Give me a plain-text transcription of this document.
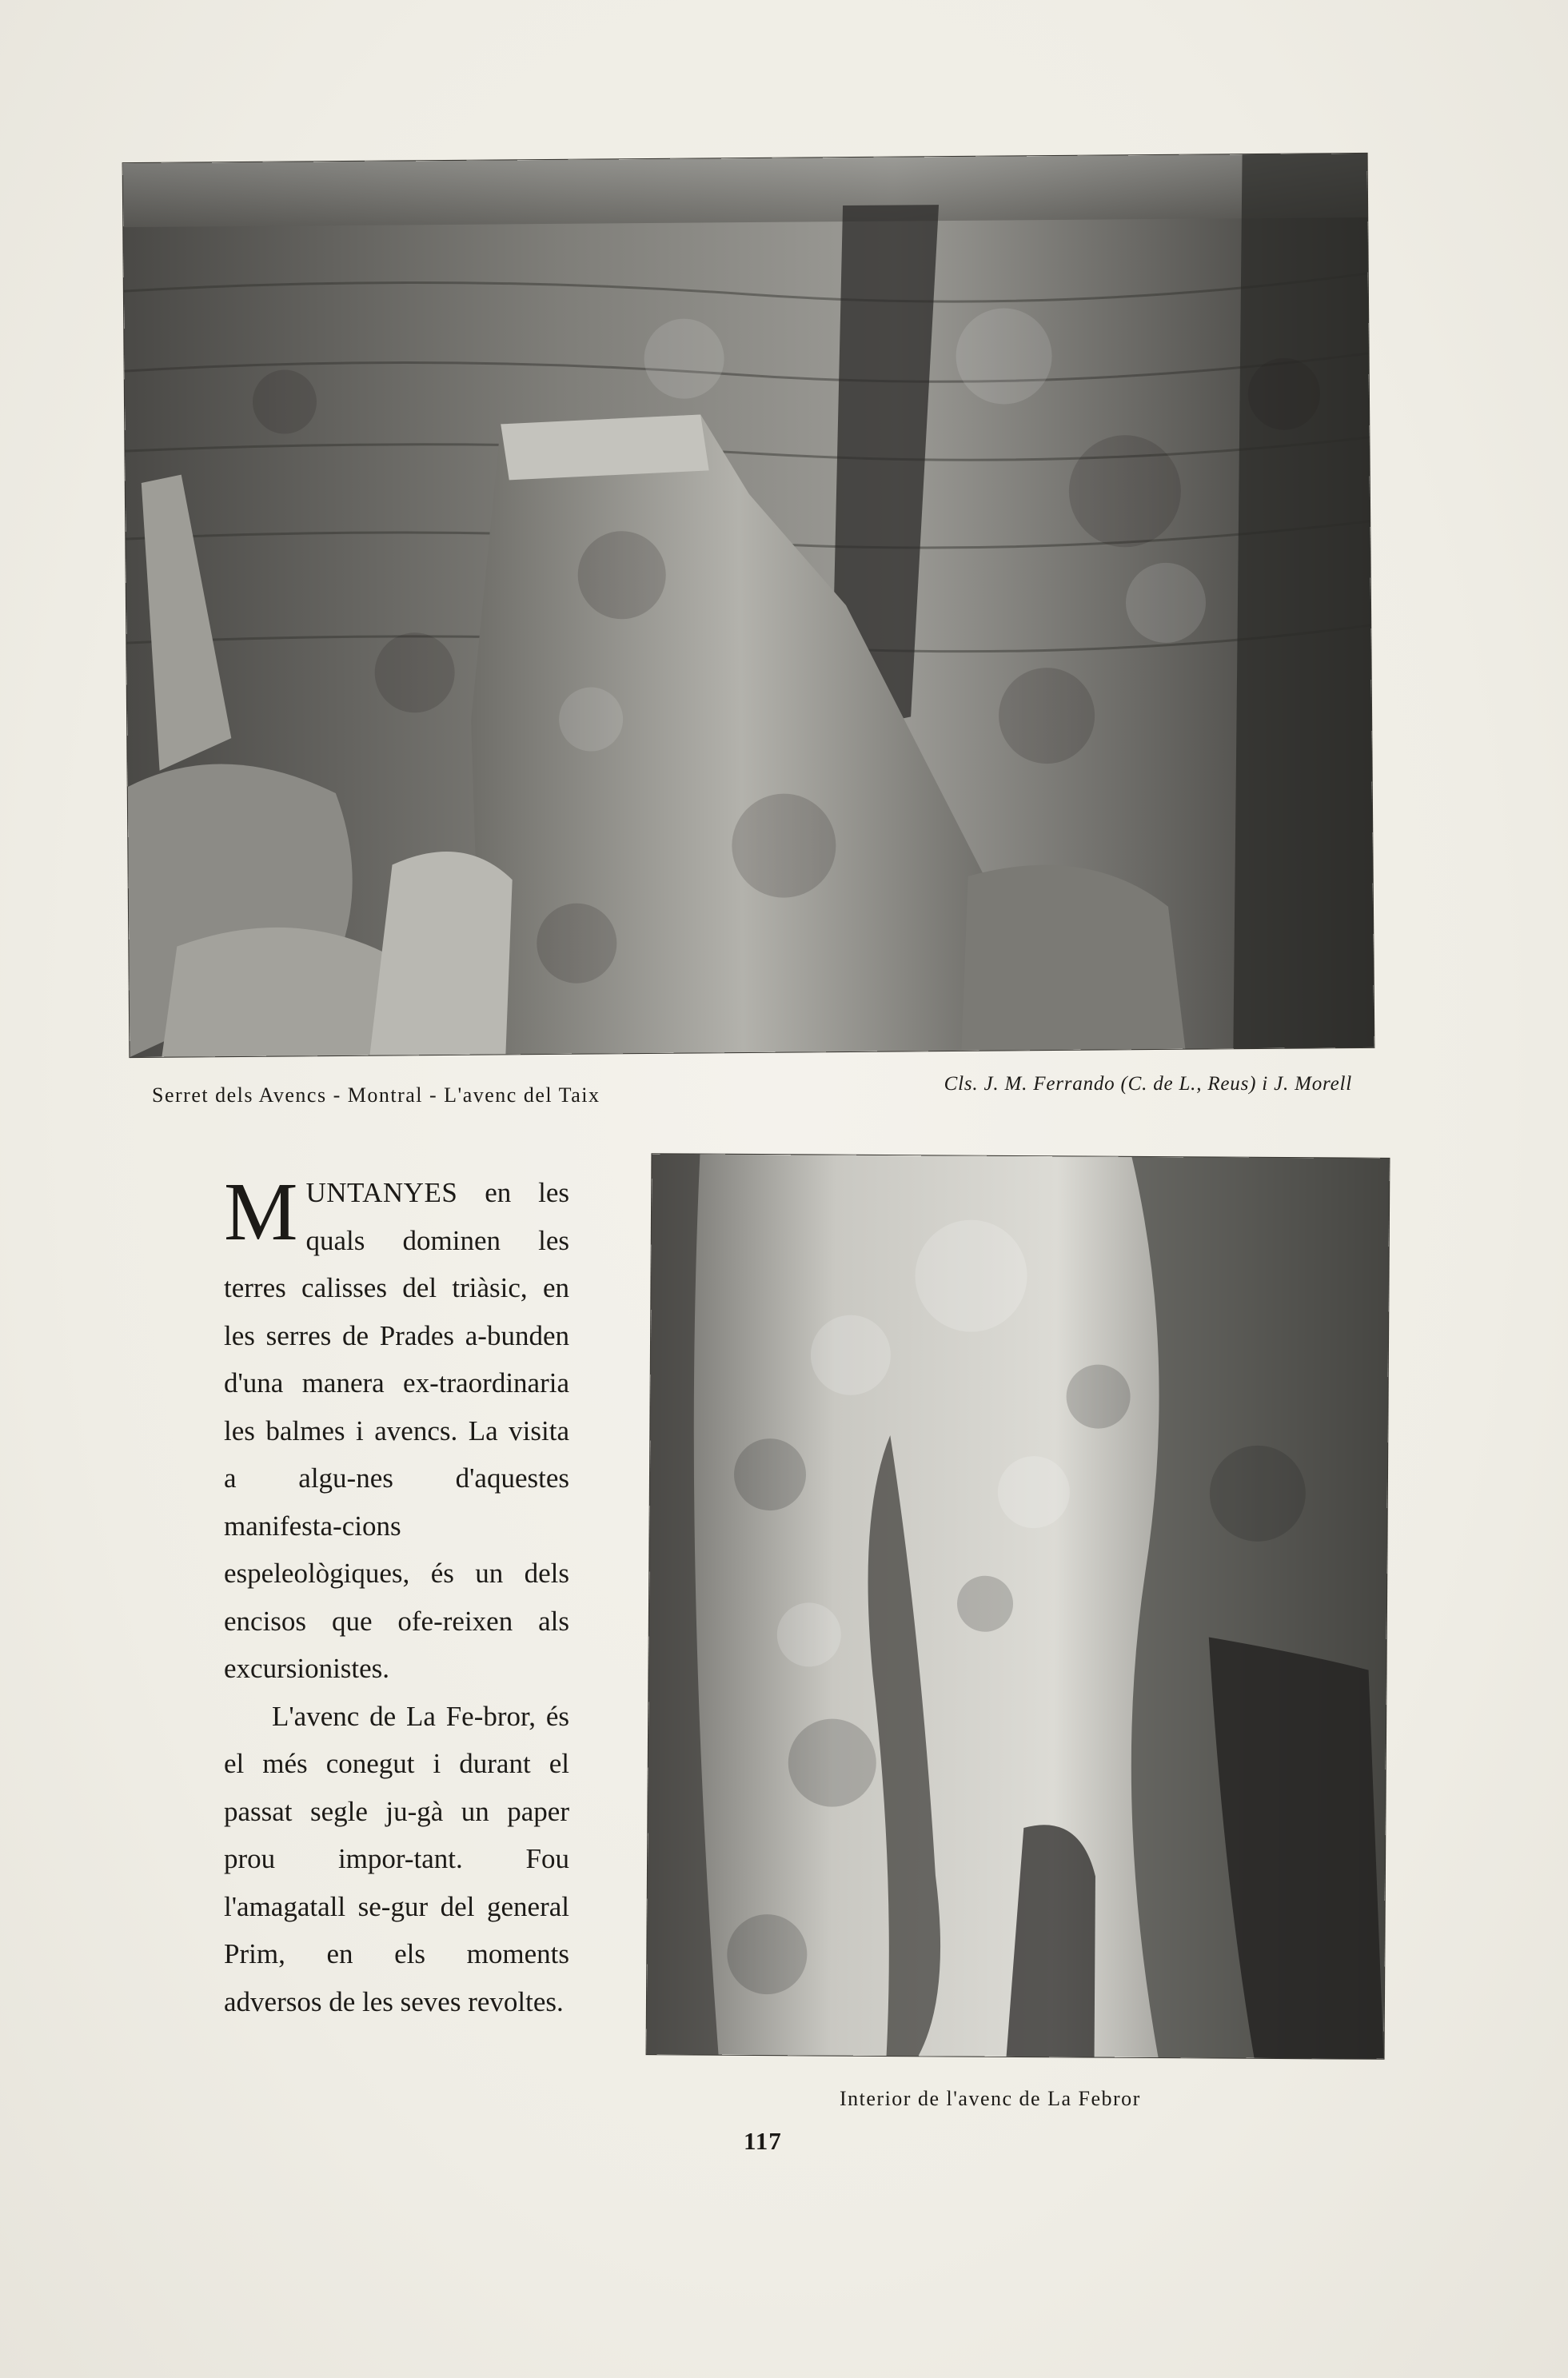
Serret dels Avencs - Montral - L'avenc del Taix	Cls. J. M. Ferrando (C. de L., Reus) i J. Morell

MUNTANYES en les quals dominen les terres calisses del triàsic, en les serres de Prades a-bunden d'una manera ex-traordinaria les balmes i avencs. La visita a algu-nes d'aquestes manifesta-cions espeleològiques, és un dels encisos que ofe-reixen als excursionistes.

L'avenc de La Fe-bror, és el més conegut i durant el passat segle ju-gà un paper prou impor-tant. Fou l'amagatall se-gur del general Prim, en els moments adversos de les seves revoltes.

Interior de l'avenc de La Febror
117
